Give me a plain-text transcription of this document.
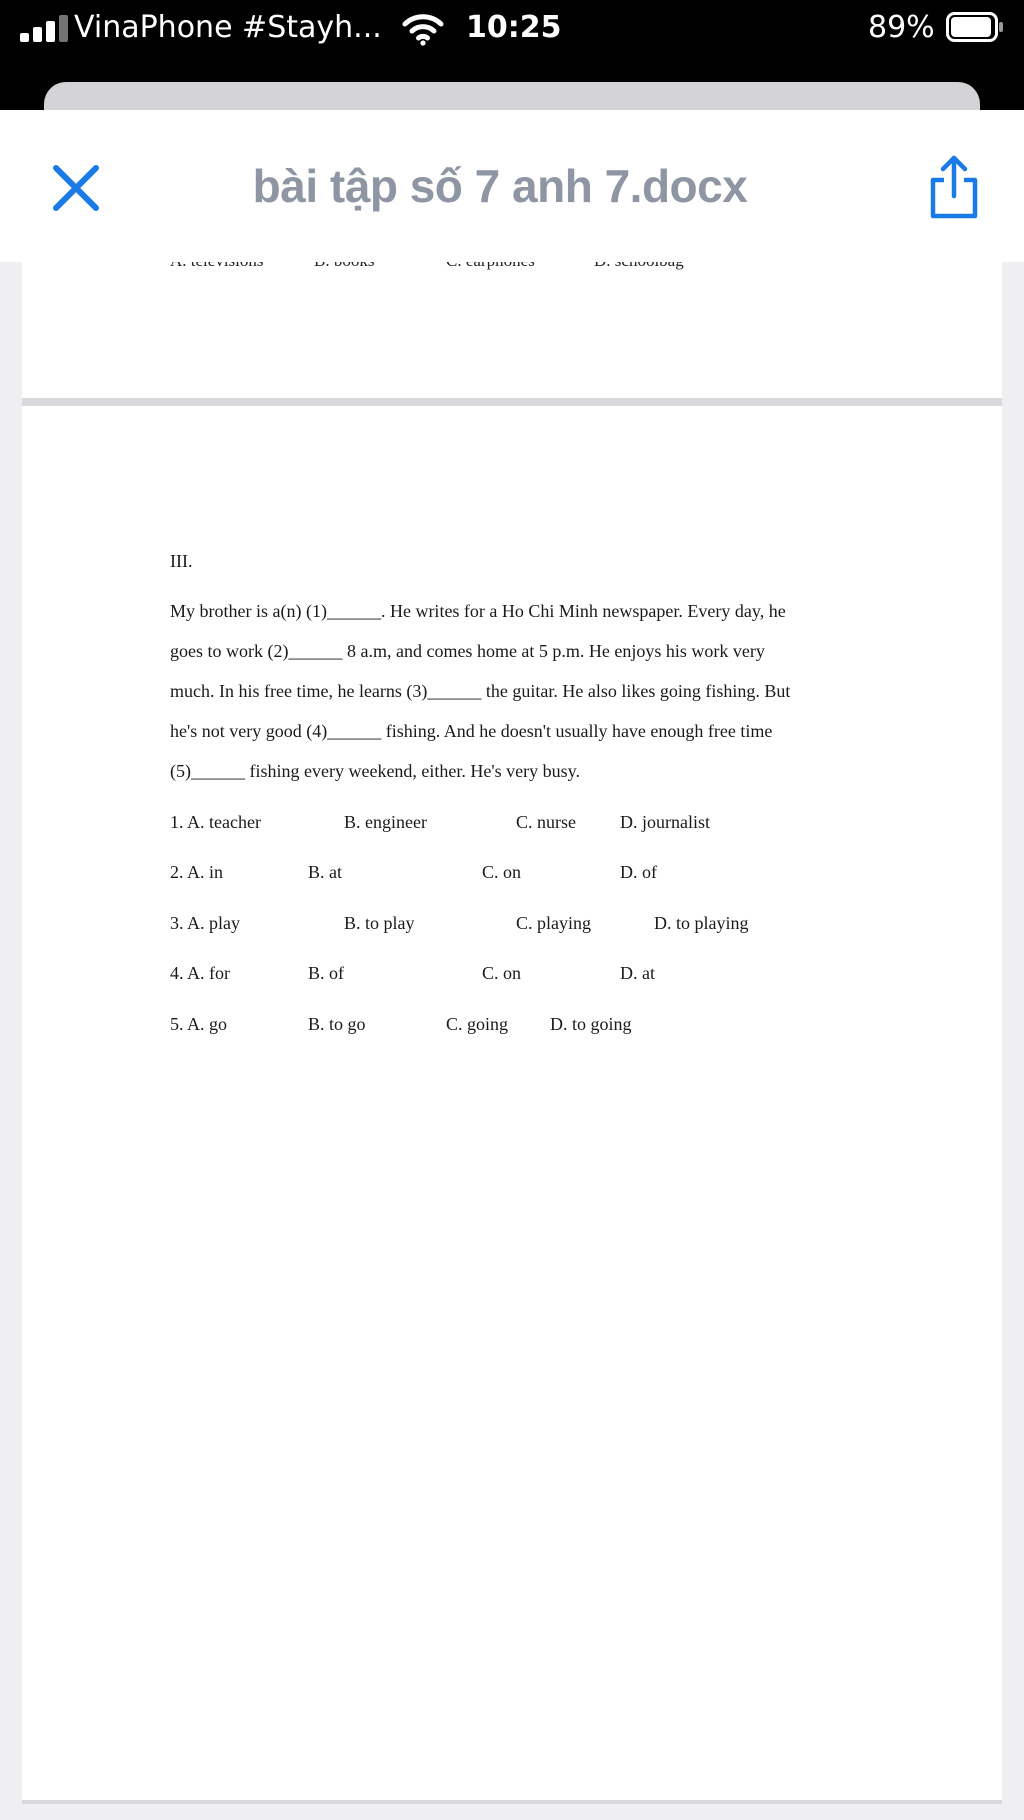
VinaPhone #Stayh...	10:25	89%
bài tập số 7 anh 7.docx
III.
My brother is a(n) (1)______. He writes for a Ho Chi Minh newspaper. Every day, he
goes to work (2)______ 8 a.m, and comes home at 5 p.m. He enjoys his work very
much. In his free time, he learns (3)______ the guitar. He also likes going fishing. But
he's not very good (4)______ fishing. And he doesn't usually have enough free time
(5)______ fishing every weekend, either. He's very busy.
1. A. teacher	B. engineer	C. nurse D. journalist
2. A. in	B. at	C. on	D. of
3. A. play	B. to play	C. playing	D. to playing
4. A. for	B. of	C. on	D. at
5. A. go	B. to go	C. going D. to going
